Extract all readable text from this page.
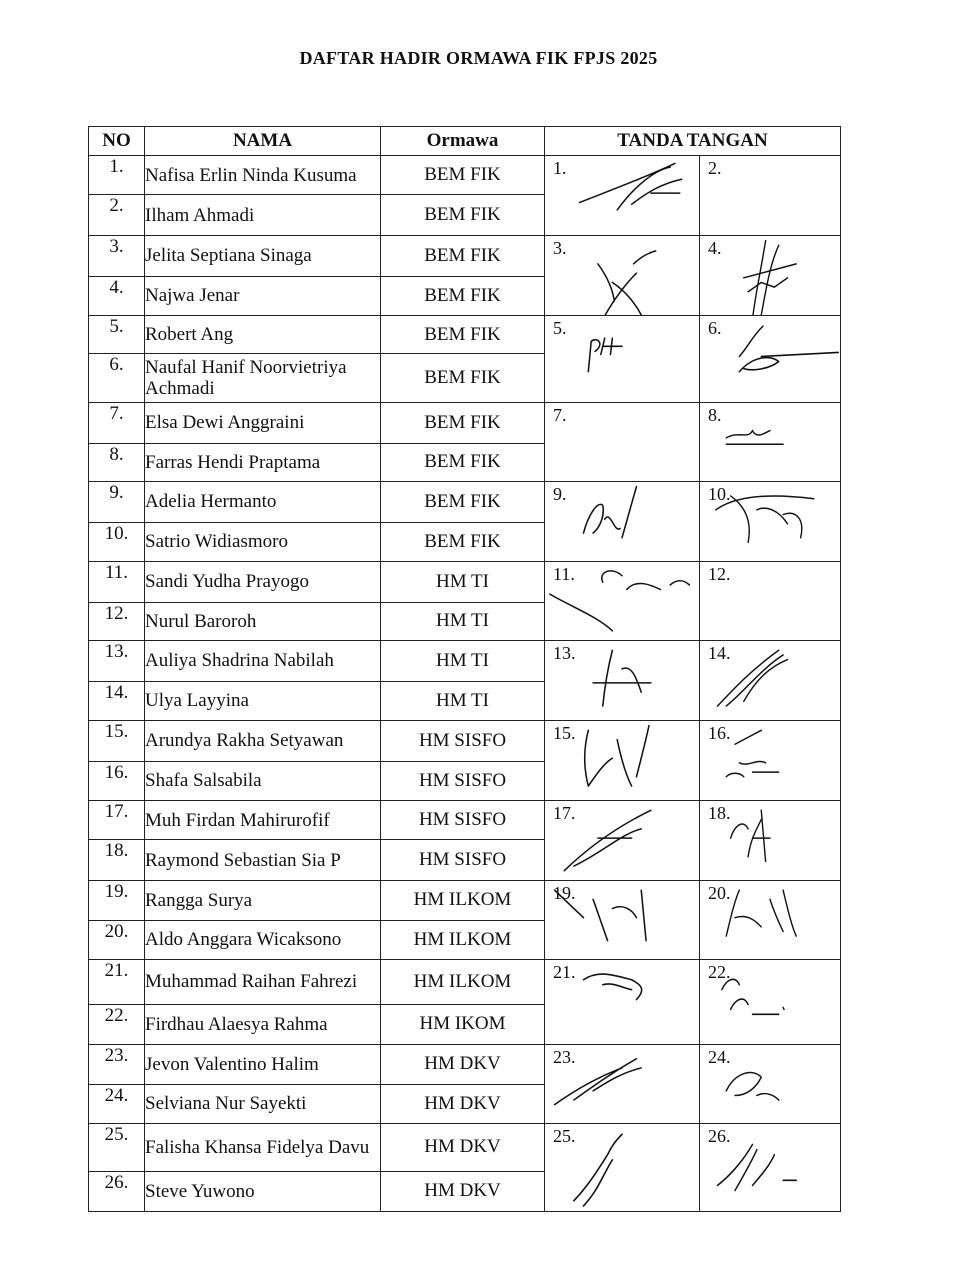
DAFTAR HADIR ORMAWA FIK FPJS 2025
NO	NAMA	Ormawa	TANDA TANGAN	
1.	Nafisa Erlin Ninda Kusuma	BEM FIK	1.	2.

2.	Ilham Ahmadi	BEM FIK		
3.	Jelita Septiana Sinaga	BEM FIK	3.	4.

4.	Najwa Jenar	BEM FIK		
5.	Robert Ang	BEM FIK	5.	6.

6.	Naufal Hanif Noorvietriya Achmadi	BEM FIK		
7.	Elsa Dewi Anggraini	BEM FIK	7.	8.

8.	Farras Hendi Praptama	BEM FIK		
9.	Adelia Hermanto	BEM FIK	9.	10.

10.	Satrio Widiasmoro	BEM FIK		
11.	Sandi Yudha Prayogo	HM TI	11.	12.

12.	Nurul Baroroh	HM TI		
13.	Auliya Shadrina Nabilah	HM TI	13.	14.

14.	Ulya Layyina	HM TI		
15.	Arundya Rakha Setyawan	HM SISFO	15.	16.

16.	Shafa Salsabila	HM SISFO		
17.	Muh Firdan Mahirurofif	HM SISFO	17.	18.

18.	Raymond Sebastian Sia P	HM SISFO		
19.	Rangga Surya	HM ILKOM	19.	20.

20.	Aldo Anggara Wicaksono	HM ILKOM		
21.	Muhammad Raihan Fahrezi	HM ILKOM	21.	22.

22.	Firdhau Alaesya Rahma	HM IKOM		
23.	Jevon Valentino Halim	HM DKV	23.	24.

24.	Selviana Nur Sayekti	HM DKV		
25.	Falisha Khansa Fidelya Davu	HM DKV	25.	26.

26.	Steve Yuwono	HM DKV		
